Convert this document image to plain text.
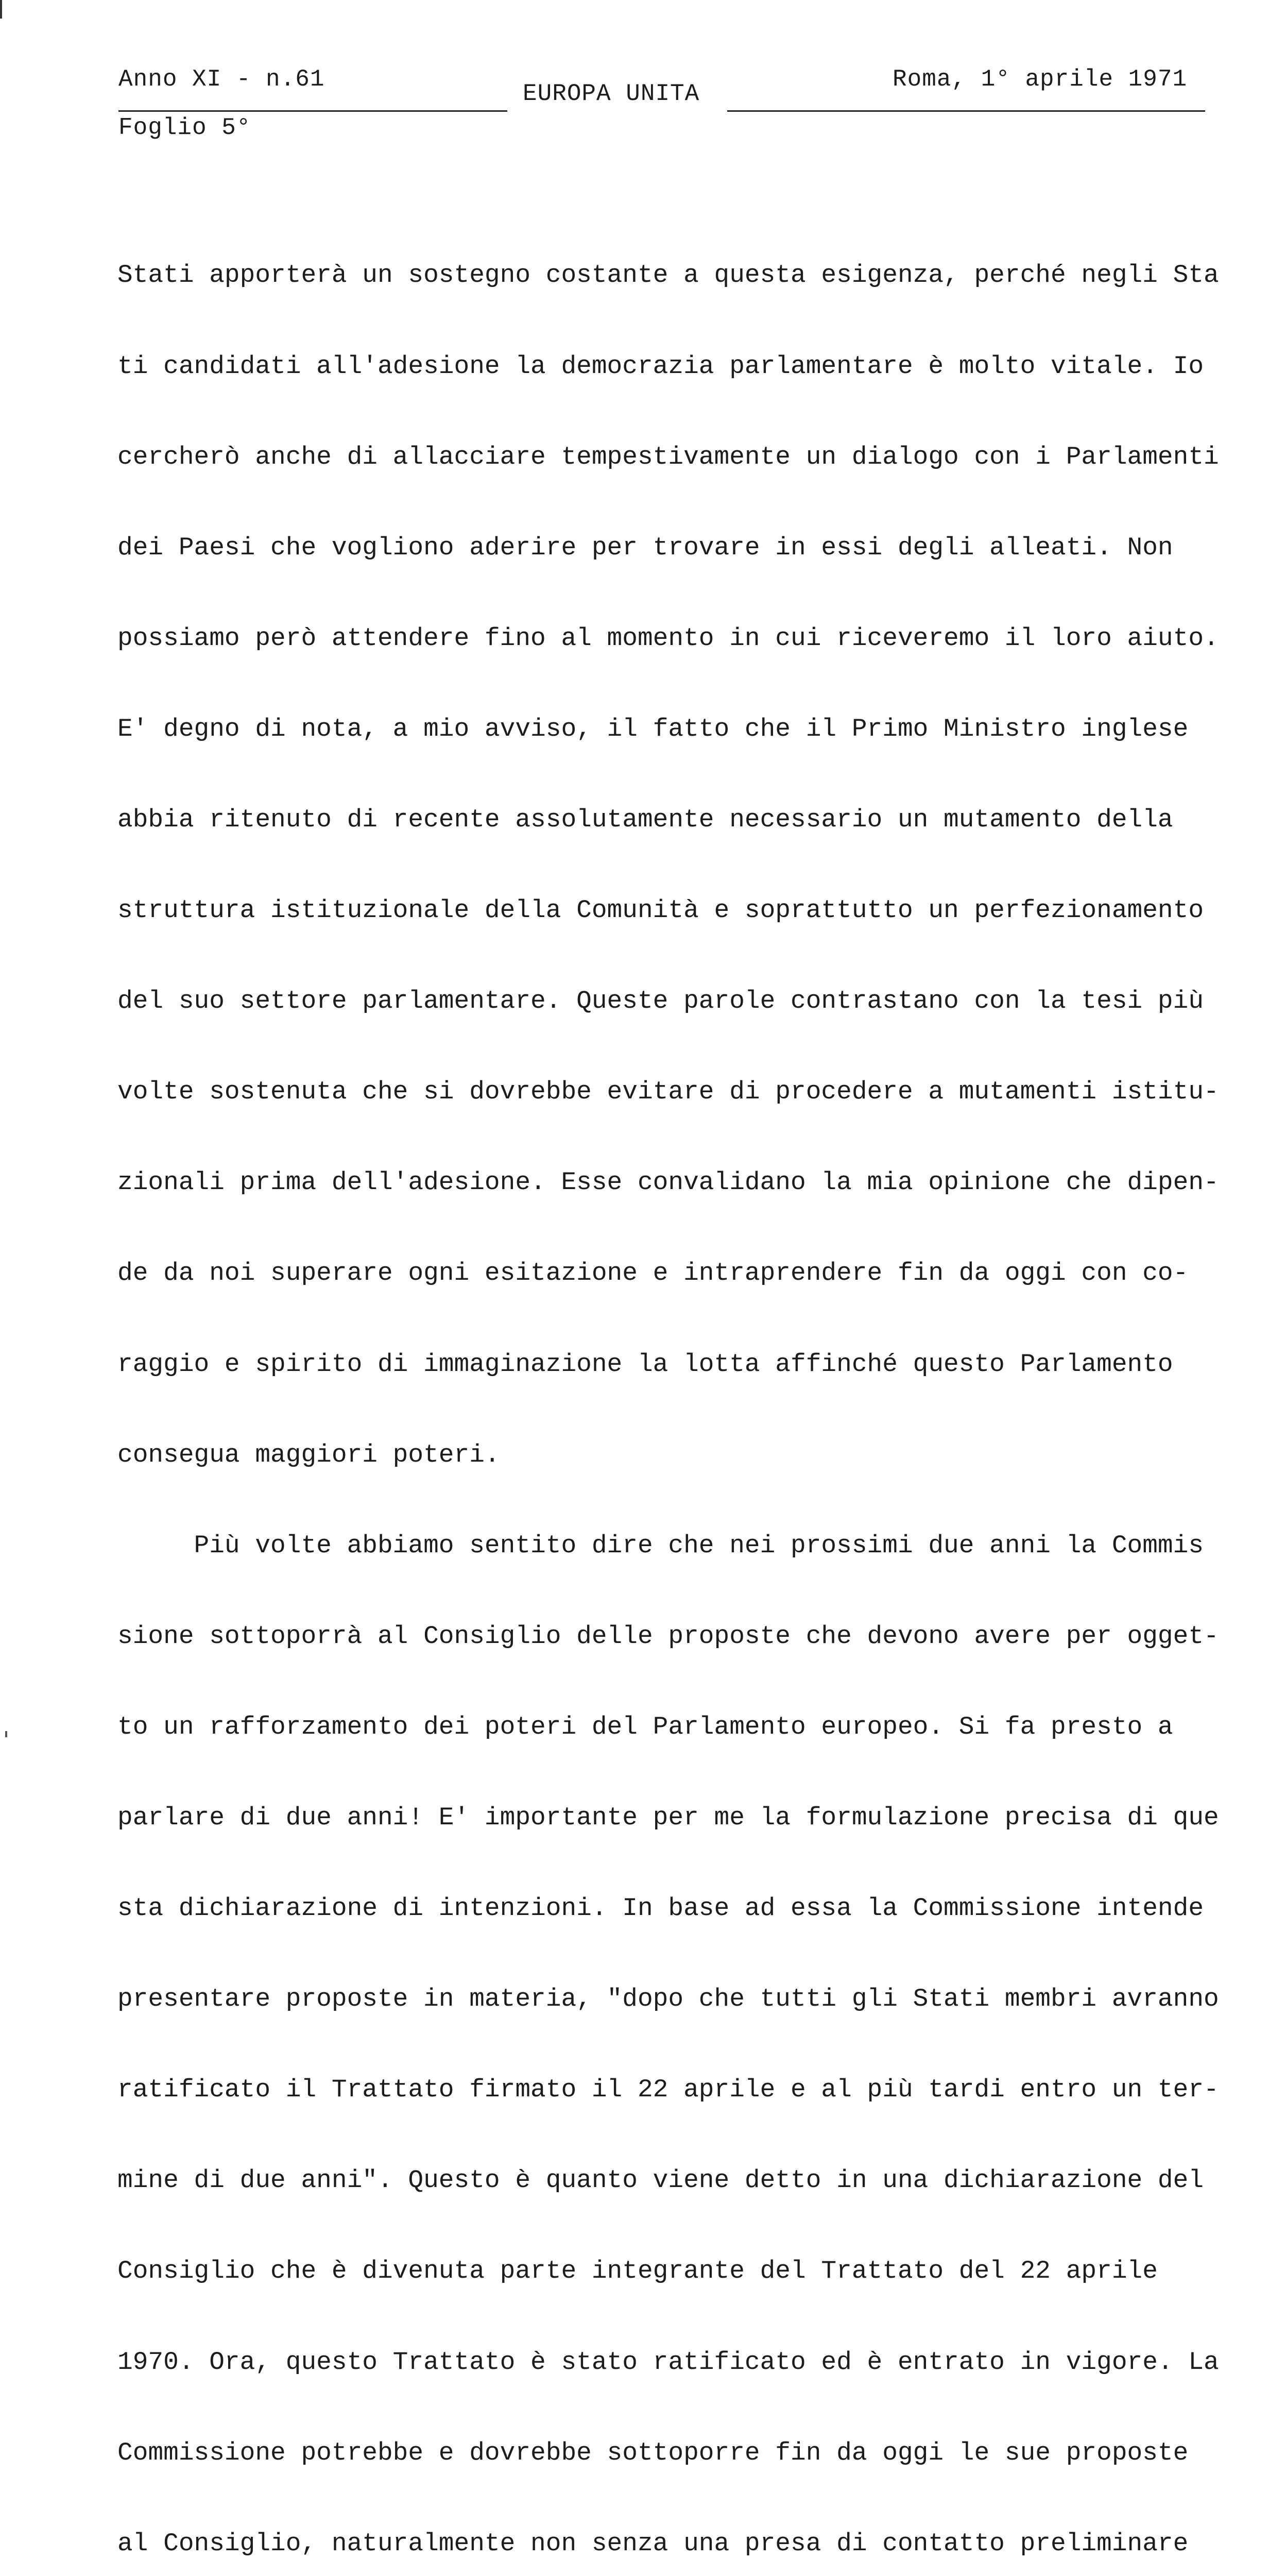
Anno XI - n.61
Foglio 5°
EUROPA UNITA
Roma, 1° aprile 1971

Stati apporterà un sostegno costante a questa esigenza, perché negli Sta

ti candidati all'adesione la democrazia parlamentare è molto vitale. Io

cercherò anche di allacciare tempestivamente un dialogo con i Parlamenti

dei Paesi che vogliono aderire per trovare in essi degli alleati. Non

possiamo però attendere fino al momento in cui riceveremo il loro aiuto.

E' degno di nota, a mio avviso, il fatto che il Primo Ministro inglese

abbia ritenuto di recente assolutamente necessario un mutamento della

struttura istituzionale della Comunità e soprattutto un perfezionamento

del suo settore parlamentare. Queste parole contrastano con la tesi più

volte sostenuta che si dovrebbe evitare di procedere a mutamenti istitu-

zionali prima dell'adesione. Esse convalidano la mia opinione che dipen-

de da noi superare ogni esitazione e intraprendere fin da oggi con co-

raggio e spirito di immaginazione la lotta affinché questo Parlamento

consegua maggiori poteri.

Più volte abbiamo sentito dire che nei prossimi due anni la Commis

sione sottoporrà al Consiglio delle proposte che devono avere per ogget-

to un rafforzamento dei poteri del Parlamento europeo. Si fa presto a

parlare di due anni! E' importante per me la formulazione precisa di que

sta dichiarazione di intenzioni. In base ad essa la Commissione intende

presentare proposte in materia, "dopo che tutti gli Stati membri avranno

ratificato il Trattato firmato il 22 aprile e al più tardi entro un ter-

mine di due anni". Questo è quanto viene detto in una dichiarazione del

Consiglio che è divenuta parte integrante del Trattato del 22 aprile

1970. Ora, questo Trattato è stato ratificato ed è entrato in vigore. La

Commissione potrebbe e dovrebbe sottoporre fin da oggi le sue proposte

al Consiglio, naturalmente non senza una presa di contatto preliminare
